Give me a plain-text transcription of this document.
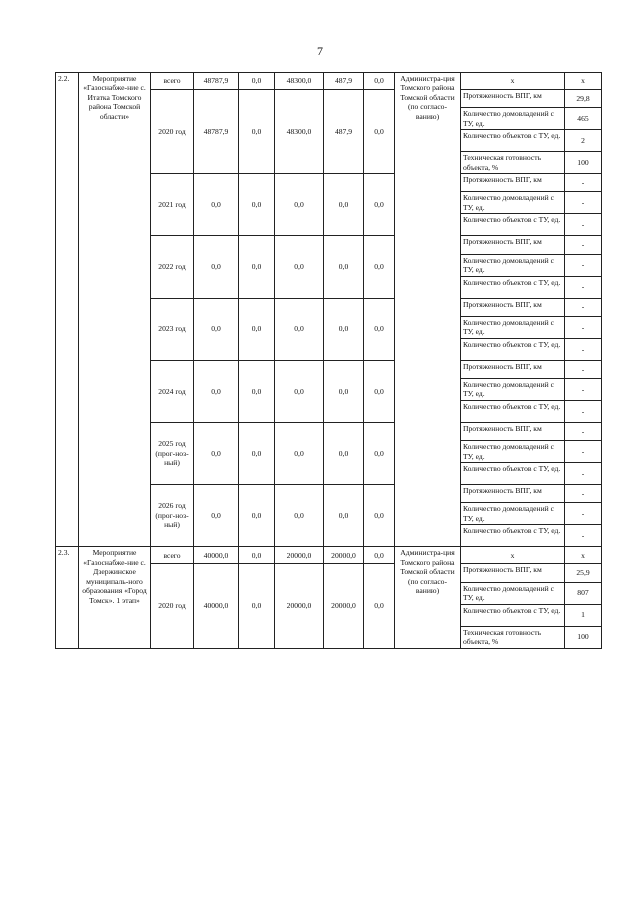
7
2.2.	Мероприятие «Газоснабже-ние с. Итатка Томского района Томской области»	всего	48787,9	0,0	48300,0	487,9	0,0	Администра-ция Томского района Томской области (по согласо-ванию)	х	х
		2020 год	48787,9	0,0	48300,0	487,9	0,0		Протяженность ВПГ, км	29,8
									Количество домовладений с ТУ, ед.	465
									Количество объектов с ТУ, ед.	2
									Техническая готовность объекта, %	100
		2021 год	0,0	0,0	0,0	0,0	0,0		Протяженность ВПГ, км	-
									Количество домовладений с ТУ, ед.	-
									Количество объектов с ТУ, ед.	-
		2022 год	0,0	0,0	0,0	0,0	0,0		Протяженность ВПГ, км	-
									Количество домовладений с ТУ, ед.	-
									Количество объектов с ТУ, ед.	-
		2023 год	0,0	0,0	0,0	0,0	0,0		Протяженность ВПГ, км	-
									Количество домовладений с ТУ, ед.	-
									Количество объектов с ТУ, ед.	-
		2024 год	0,0	0,0	0,0	0,0	0,0		Протяженность ВПГ, км	-
									Количество домовладений с ТУ, ед.	-
									Количество объектов с ТУ, ед.	-
		2025 год (прог-ноз-ный)	0,0	0,0	0,0	0,0	0,0		Протяженность ВПГ, км	-
									Количество домовладений с ТУ, ед.	-
									Количество объектов с ТУ, ед.	-
		2026 год (прог-ноз-ный)	0,0	0,0	0,0	0,0	0,0		Протяженность ВПГ, км	-
									Количество домовладений с ТУ, ед.	-
									Количество объектов с ТУ, ед.	-
2.3.	Мероприятие «Газоснабже-ние с. Дзержинское муниципаль-ного образования «Город Томск». 1 этап»	всего	40000,0	0,0	20000,0	20000,0	0,0	Администра-ция Томского района Томской области (по согласо-ванию)	х	х
		2020 год	40000,0	0,0	20000,0	20000,0	0,0		Протяженность ВПГ, км	25,9
									Количество домовладений с ТУ, ед.	807
									Количество объектов с ТУ, ед.	1
									Техническая готовность объекта, %	100
